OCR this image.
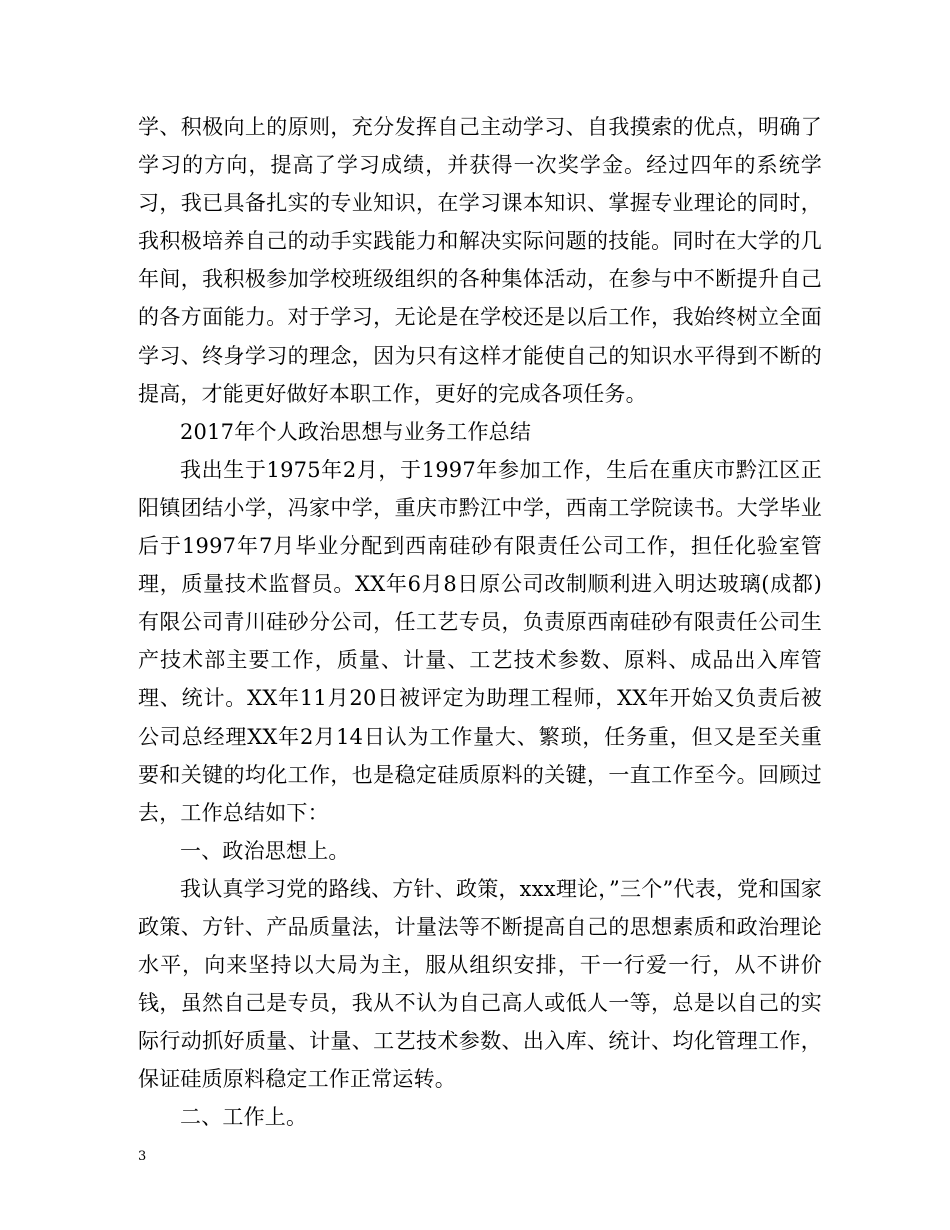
学、积极向上的原则，充分发挥自己主动学习、自我摸索的优点，明确了学习的方向，提高了学习成绩，并获得一次奖学金。经过四年的系统学习，我已具备扎实的专业知识，在学习课本知识、掌握专业理论的同时，我积极培养自己的动手实践能力和解决实际问题的技能。同时在大学的几年间，我积极参加学校班级组织的各种集体活动，在参与中不断提升自己的各方面能力。对于学习，无论是在学校还是以后工作，我始终树立全面学习、终身学习的理念，因为只有这样才能使自己的知识水平得到不断的提高，才能更好做好本职工作，更好的完成各项任务。

2017年个人政治思想与业务工作总结

我出生于1975年2月，于1997年参加工作，生后在重庆市黔江区正阳镇团结小学，冯家中学，重庆市黔江中学，西南工学院读书。大学毕业后于1997年7月毕业分配到西南硅砂有限责任公司工作，担任化验室管理，质量技术监督员。XX年6月8日原公司改制顺利进入明达玻璃(成都)有限公司青川硅砂分公司，任工艺专员，负责原西南硅砂有限责任公司生产技术部主要工作，质量、计量、工艺技术参数、原料、成品出入库管理、统计。XX年11月20日被评定为助理工程师，XX年开始又负责后被公司总经理XX年2月14日认为工作量大、繁琐，任务重，但又是至关重要和关键的均化工作，也是稳定硅质原料的关键，一直工作至今。回顾过去，工作总结如下：

一、政治思想上。

我认真学习党的路线、方针、政策，xxx理论，”三个”代表，党和国家政策、方针、产品质量法，计量法等不断提高自己的思想素质和政治理论水平，向来坚持以大局为主，服从组织安排，干一行爱一行，从不讲价钱，虽然自己是专员，我从不认为自己高人或低人一等，总是以自己的实际行动抓好质量、计量、工艺技术参数、出入库、统计、均化管理工作，保证硅质原料稳定工作正常运转。

二、工作上。

3
